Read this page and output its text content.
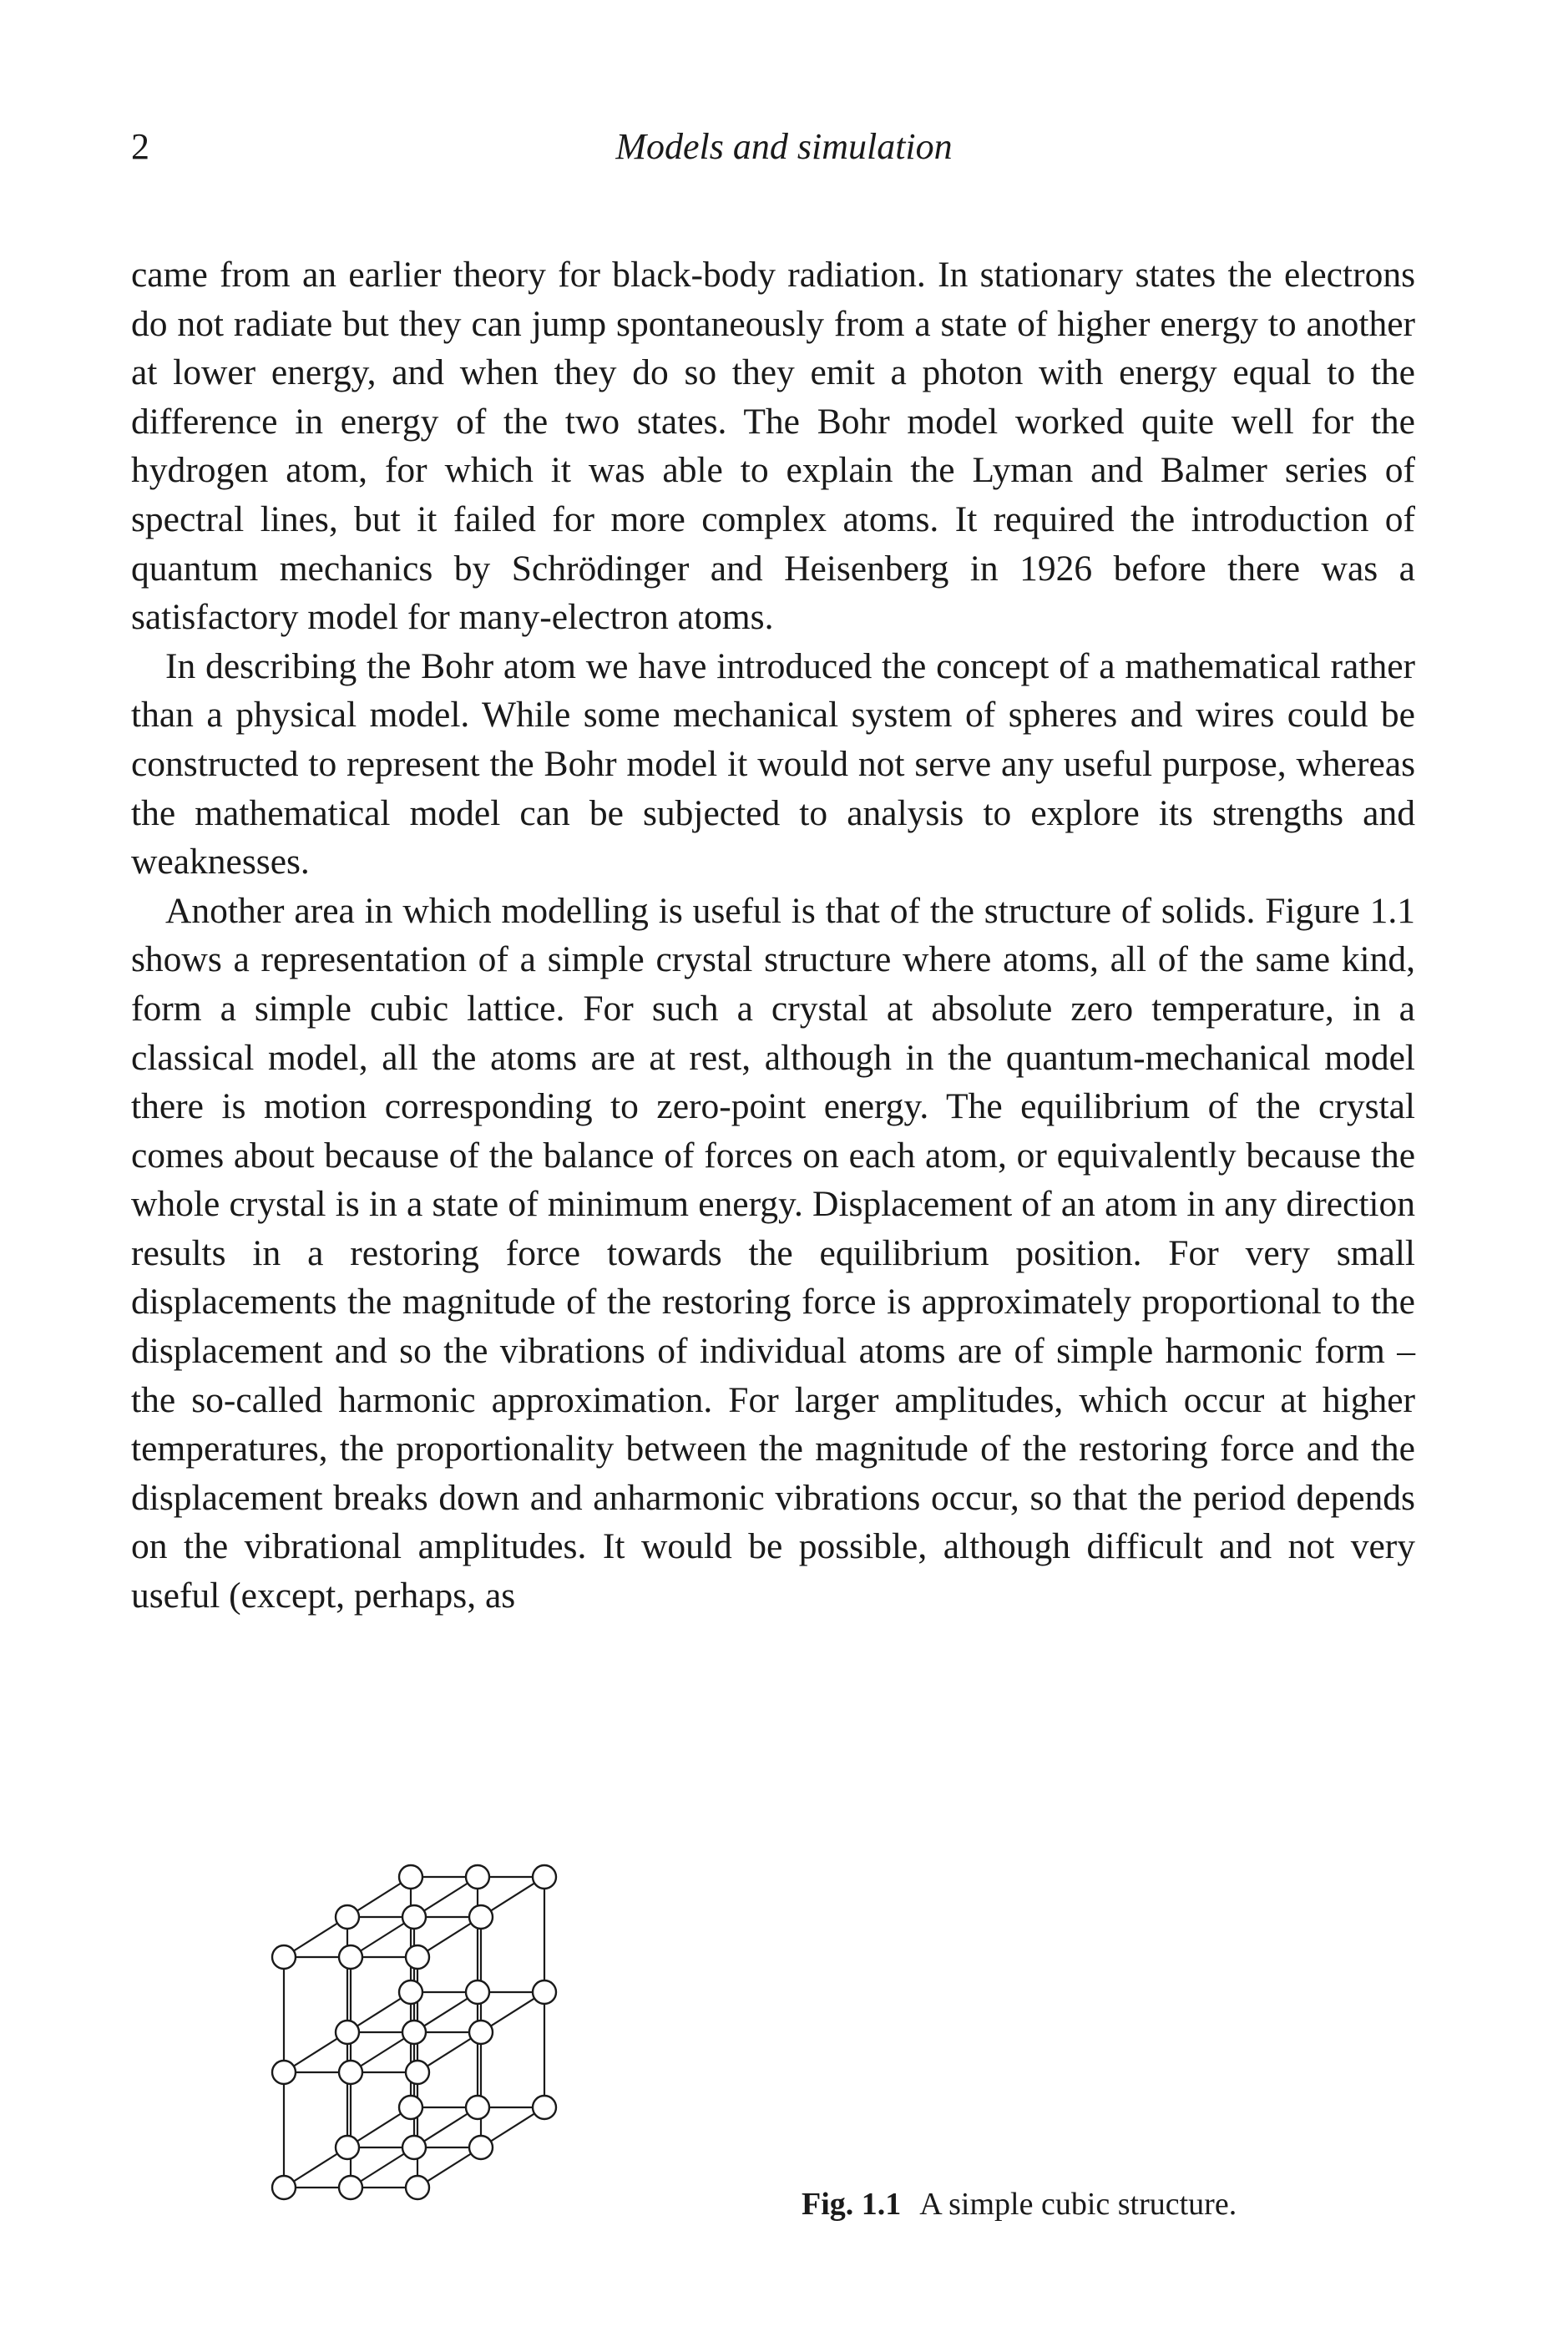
2	Models and simulation

came from an earlier theory for black-body radiation. In stationary states the electrons do not radiate but they can jump spontaneously from a state of higher energy to another at lower energy, and when they do so they emit a photon with energy equal to the difference in energy of the two states. The Bohr model worked quite well for the hydrogen atom, for which it was able to explain the Lyman and Balmer series of spectral lines, but it failed for more complex atoms. It required the introduction of quantum mechanics by Schrödinger and Heisenberg in 1926 before there was a satisfactory model for many-electron atoms.

In describing the Bohr atom we have introduced the concept of a mathematical rather than a physical model. While some mechanical system of spheres and wires could be constructed to represent the Bohr model it would not serve any useful purpose, whereas the mathematical model can be subjected to analysis to explore its strengths and weaknesses.

Another area in which modelling is useful is that of the structure of solids. Figure 1.1 shows a representation of a simple crystal structure where atoms, all of the same kind, form a simple cubic lattice. For such a crystal at absolute zero temperature, in a classical model, all the atoms are at rest, although in the quantum-mechanical model there is motion corresponding to zero-point energy. The equilibrium of the crystal comes about because of the balance of forces on each atom, or equivalently because the whole crystal is in a state of minimum energy. Displacement of an atom in any direction results in a restoring force towards the equilibrium position. For very small displacements the magnitude of the restoring force is approximately proportional to the displacement and so the vibrations of individual atoms are of simple harmonic form – the so-called harmonic approximation. For larger amplitudes, which occur at higher temperatures, the proportionality between the magnitude of the restoring force and the displacement breaks down and anharmonic vibrations occur, so that the period depends on the vibrational amplitudes. It would be possible, although difficult and not very useful (except, perhaps, as

Fig. 1.1 A simple cubic structure.
